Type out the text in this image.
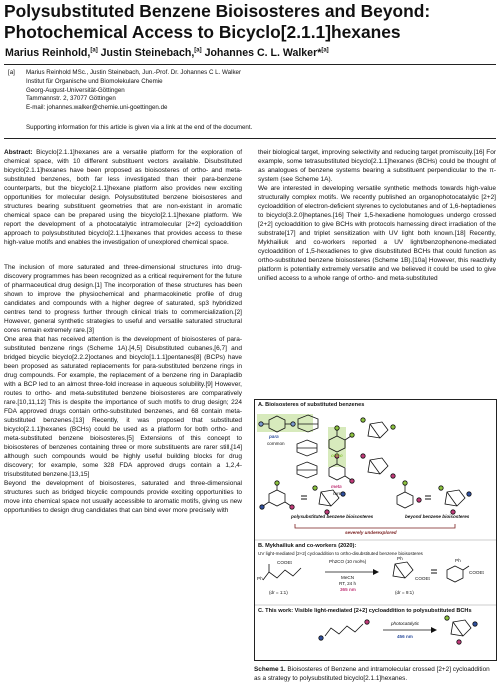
Polysubstituted Benzene Bioisosteres and Beyond:
Photochemical Access to Bicyclo[2.1.1]hexanes
Marius Reinhold,[a] Justin Steinebach,[a] Johannes C. L. Walker*[a]
[a] Marius Reinhold MSc., Justin Steinebach, Jun.-Prof. Dr. Johannes C L. Walker
Institut für Organische und Biomolekulare Chemie
Georg-August-Universität-Göttingen
Tammannstr. 2, 37077 Göttingen
E-mail: johannes.walker@chemie.uni-goettingen.de
Supporting information for this article is given via a link at the end of the document.

Abstract: Bicyclo[2.1.1]hexanes are a versatile platform for the exploration of chemical space, with 10 different substituent vectors available. Disubstituted bicyclo[2.1.1]hexanes have been proposed as bioisosteres of ortho- and meta-substituted benzenes, both far less investigated than their para-benzene counterparts, but the bicyclo[2.1.1]hexane platform also provides new exciting opportunities for molecular design. Polysubstituted benzene bioisosteres and structures bearing substituent geometries that are non-existant in aromatic chemical space can be prepared using the bicyclo[2.1.1]hexane platform. We report the development of a photocatalytic intramolecular [2+2] cycloaddition approach to polysubstituted bicyclo[2.1.1]hexanes that provides access to these high-value motifs and enables the investigation of unexplored chemical space.

The inclusion of more saturated and three-dimensional structures into drug-discovery programmes has been recognized as a critical requirement for the future of pharmaceutical drug design.[1] The incorporation of these structures has been shown to improve the physiochemical and pharmacokinetic profile of drug candidates and compounds with a higher degree of saturated, sp3 hybridized centres tend to progress further through clinical trials to commercialization.[2] However, general synthetic strategies to useful and versatile saturated structural cores remain extremely rare.[3]

One area that has received attention is the development of bioisosteres of para-substituted benzene rings (Scheme 1A).[4,5] Disubstituted cubanes,[6,7] and bridged bicyclic bicyclo[2.2.2]octanes and bicyclo[1.1.1]pentanes[8] (BCPs) have been proposed as saturated replacements for para-substituted benzene rings in drug compounds. For example, the replacement of a benzene ring in Darapladib with a BCP led to an almost three-fold increase in aqueous solubility.[9] However, routes to ortho- and meta-substituted benzene bioisosteres are comparatively rare.[10,11,12] This is despite the importance of such motifs to drug design; 224 FDA approved drugs contain ortho-substituted benzenes, and 68 contain meta-substituted benzenes.[13] Recently, it was proposed that substituted bicyclo[2.1.1]hexanes (BCHs) could be used as a platform for both ortho- and meta-substituted benzene bioisosteres.[5] Extensions of this concept to bioisosteres of benzenes containing three or more substituents are rarer still,[14] although such compounds would be highly useful building blocks for drug discovery; for example, some 328 FDA approved drugs contain a 1,2,4-trisubstituted benzene.[13,15]

Beyond the development of bioisosteres, saturated and three-dimensional structures such as bridged bicyclic compounds provide exciting opportunities to move into chemical space not usually accessible to aromatic motifs, giving us new opportunities to design drug candidates that can bind ever more precisely with

their biological target, improving selectivity and reducing target promiscuity.[16] For example, some tetrasubstituted bicyclo[2.1.1]hexanes (BCHs) could be thought of as analogues of benzene systems bearing a substituent perpendicular to the π-system (see Scheme 1A).

We are interested in developing versatile synthetic methods towards high-value structurally complex motifs. We recently published an organophotocatalytic [2+2] cycloaddition of electron-deficient styrenes to cyclobutanes and of 1,6-heptadienes to bicyclo[3.2.0]heptanes.[16] Their 1,5-hexadiene homologues undergo crossed [2+2] cycloaddition to give BCHs with protocols harnessing direct irradiation of the substrate[17] and triplet sensitization with UV light both known.[18] Recently, Mykhailiuk and co-workers reported a UV light/benzophenone-mediated cycloaddition of 1,5-hexadienes to give disubstituted BCHs that could function as ortho-substituted benzene bioisosteres (Scheme 1B).[10a] However, this reactivity platform is potentially extremely versatile and we believed it could be used to give unified access to a whole range of ortho- and meta-substituted

A. Bioisosteres of substituted benzenes
para
common
ortho
meta
rare
polysubstituted benzene bioisosteres	beyond benzene bioisosteres
severely underexplored
B. Mykhailiuk and co-workers (2020):
UV light-mediated [2+2] cycloaddition to ortho-disubstituted benzene bioisosteres
COOEt
Ph
Ph2CO (10 mol%)
MeCN
RT, 24 h
365 nm
(dr = 1:1)	(dr = 9:1)
Ph
COOEt
Ph
COOEt
C. This work: Visible light-mediated [2+2] cycloaddition to polysubstituted BCHs
photocatalytic
456 nm
Scheme 1. Bioisosteres of Benzene and intramolecular crossed [2+2] cycloaddition as a strategy to polysubstituted bicyclo[2.1.1]hexanes.
